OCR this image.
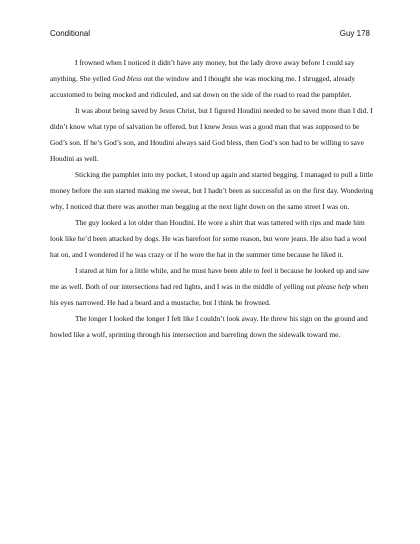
Conditional	Guy 178

I frowned when I noticed it didn’t have any money, but the lady drove away before I could say anything. She yelled God bless out the window and I thought she was mocking me. I shrugged, already accustomed to being mocked and ridiculed, and sat down on the side of the road to read the pamphlet.

It was about being saved by Jesus Christ, but I figured Houdini needed to be saved more than I did. I didn’t know what type of salvation he offered, but I knew Jesus was a good man that was supposed to be God’s son. If he’s God’s son, and Houdini always said God bless, then God’s son had to be willing to save Houdini as well.

Sticking the pamphlet into my pocket, I stood up again and started begging. I managed to pull a little money before the sun started making me sweat, but I hadn’t been as successful as on the first day. Wondering why, I noticed that there was another man begging at the next light down on the same street I was on.

The guy looked a lot older than Houdini. He wore a shirt that was tattered with rips and made him look like he’d been attacked by dogs. He was barefoot for some reason, but wore jeans. He also had a wool hat on, and I wondered if he was crazy or if he wore the hat in the summer time because he liked it.

I stared at him for a little while, and he must have been able to feel it because he looked up and saw me as well. Both of our intersections had red lights, and I was in the middle of yelling out please help when his eyes narrowed. He had a beard and a mustache, but I think he frowned.

The longer I looked the longer I felt like I couldn’t look away. He threw his sign on the ground and howled like a wolf, sprinting through his intersection and barreling down the sidewalk toward me.
